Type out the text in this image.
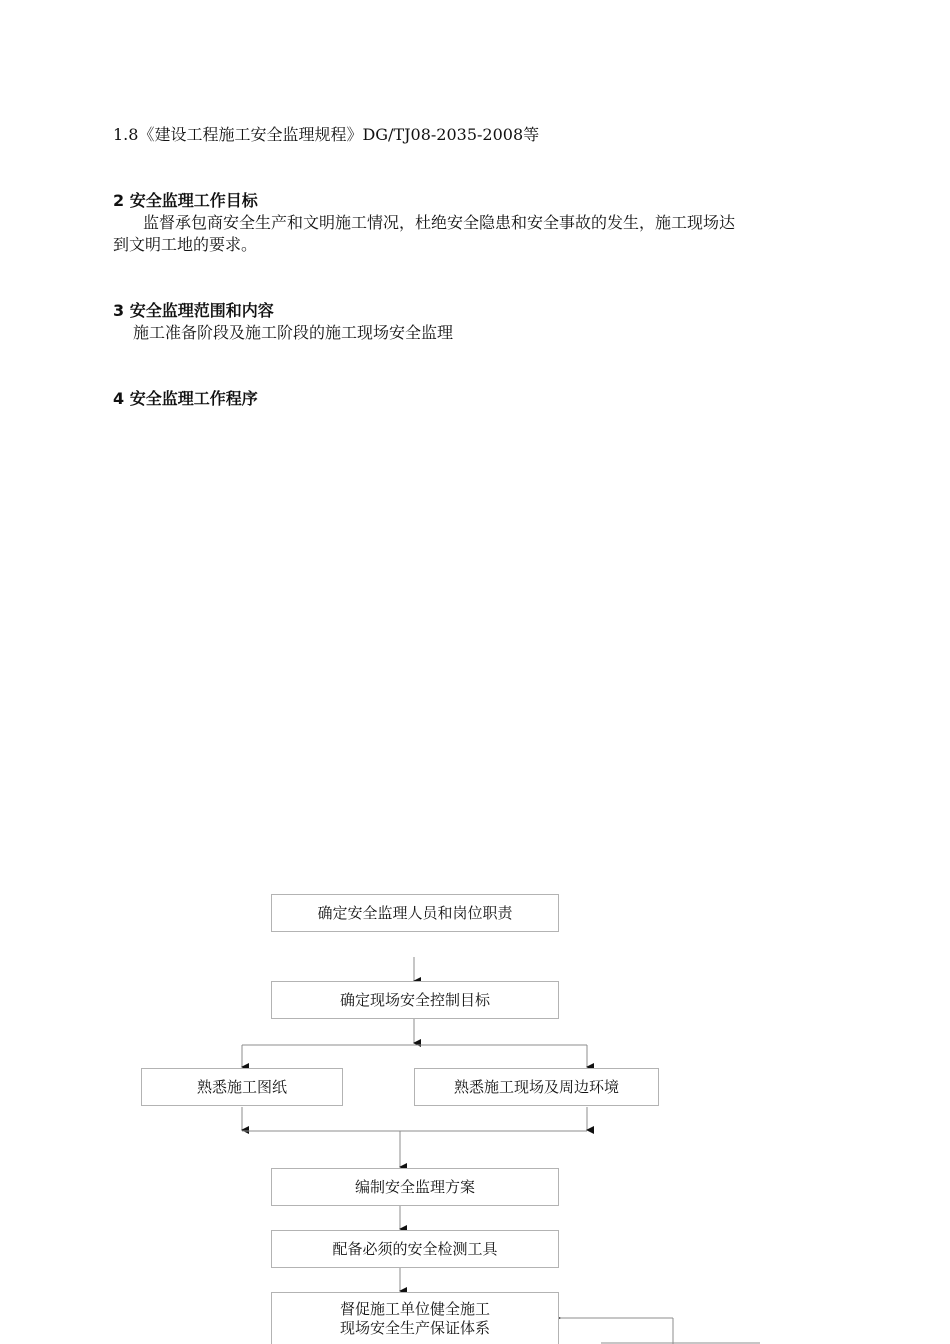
1.8《建设工程施工安全监理规程》DG/TJ08-2035-2008等
2 安全监理工作目标
监督承包商安全生产和文明施工情况，杜绝安全隐患和安全事故的发生，施工现场达
到文明工地的要求。
3 安全监理范围和内容
施工准备阶段及施工阶段的施工现场安全监理
4 安全监理工作程序
确定安全监理人员和岗位职责
确定现场安全控制目标
熟悉施工图纸	熟悉施工现场及周边环境
编制安全监理方案
配备必须的安全检测工具
督促施工单位健全施工
现场安全生产保证体系
